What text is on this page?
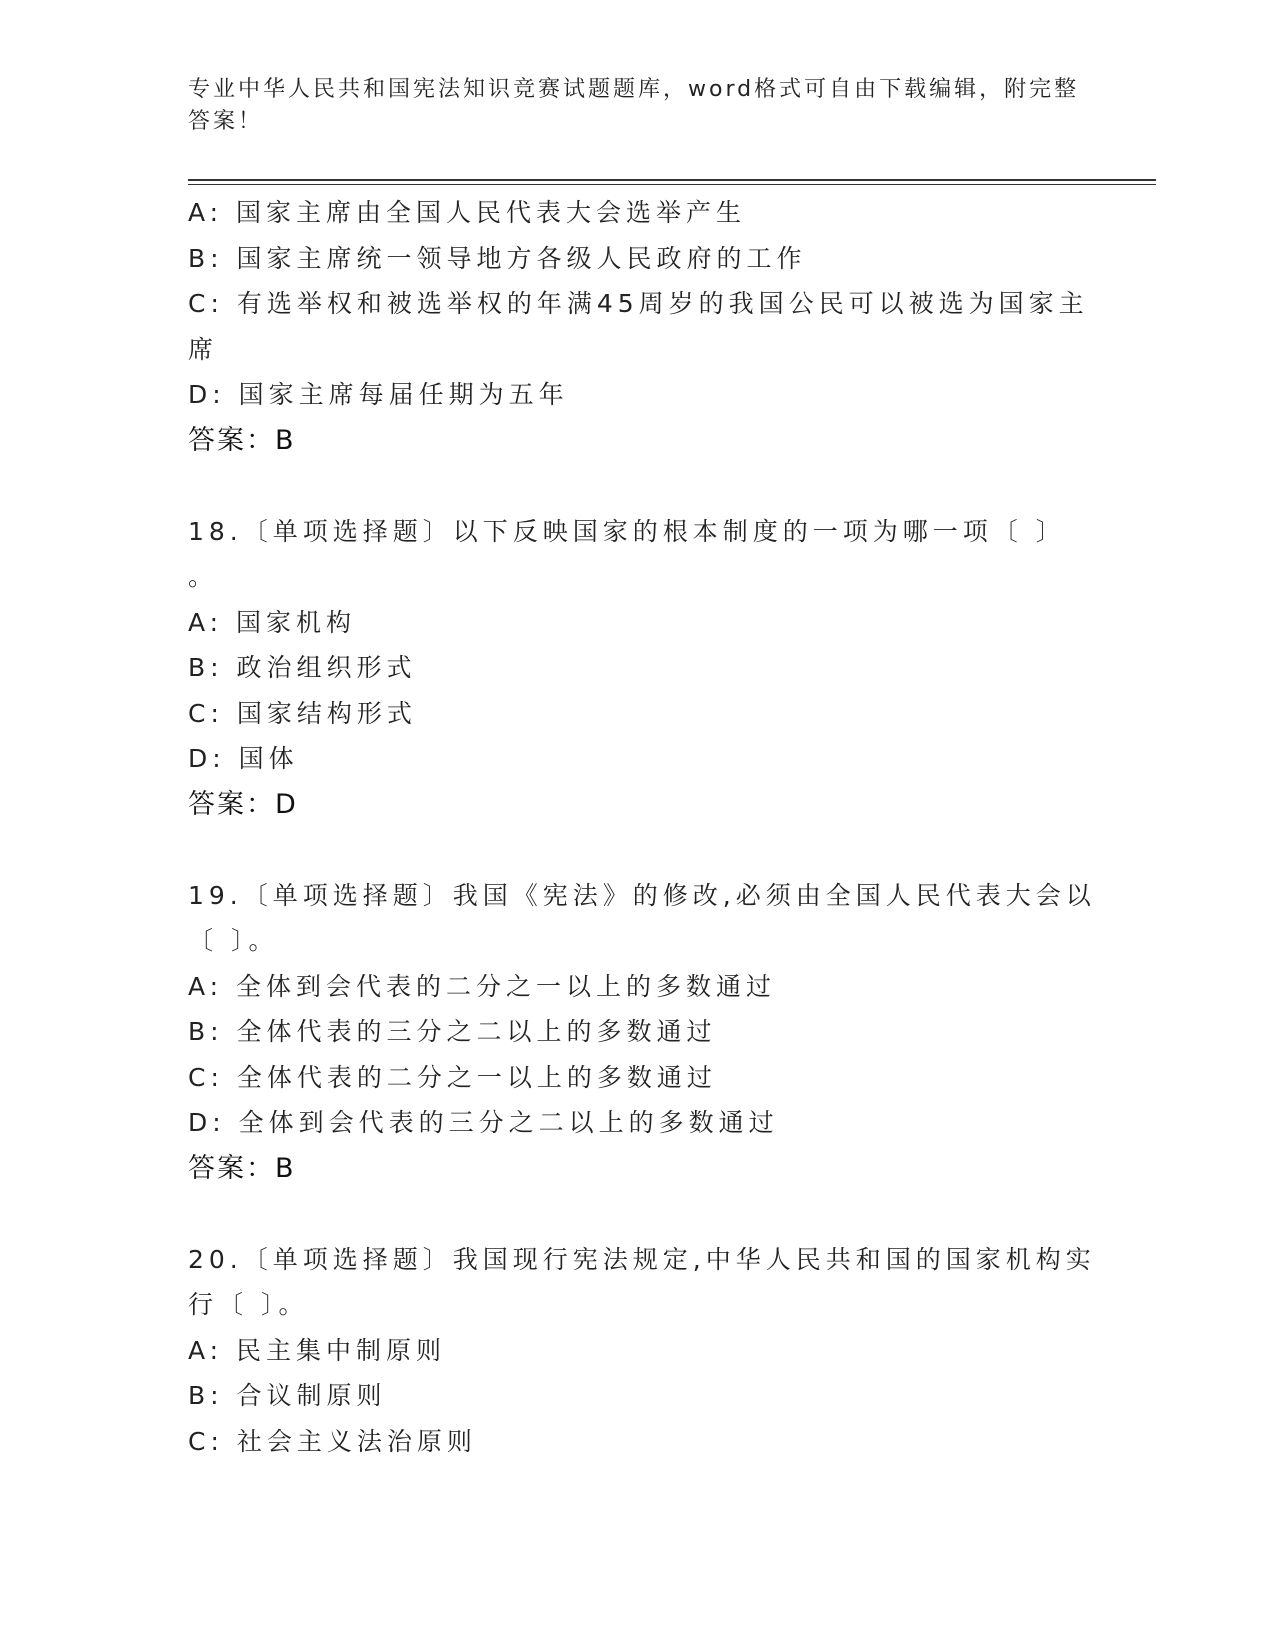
专业中华人民共和国宪法知识竞赛试题题库，word格式可自由下载编辑，附完整
答案！
A: 国家主席由全国人民代表大会选举产生
B: 国家主席统一领导地方各级人民政府的工作
C: 有选举权和被选举权的年满45周岁的我国公民可以被选为国家主
席
D: 国家主席每届任期为五年
答案：B
18.〔单项选择题〕以下反映国家的根本制度的一项为哪一项〔 〕
。
A: 国家机构
B: 政治组织形式
C: 国家结构形式
D: 国体
答案：D
19.〔单项选择题〕我国《宪法》的修改,必须由全国人民代表大会以
〔 〕。
A: 全体到会代表的二分之一以上的多数通过
B: 全体代表的三分之二以上的多数通过
C: 全体代表的二分之一以上的多数通过
D: 全体到会代表的三分之二以上的多数通过
答案：B
20.〔单项选择题〕我国现行宪法规定,中华人民共和国的国家机构实
行〔 〕。
A: 民主集中制原则
B: 合议制原则
C: 社会主义法治原则
